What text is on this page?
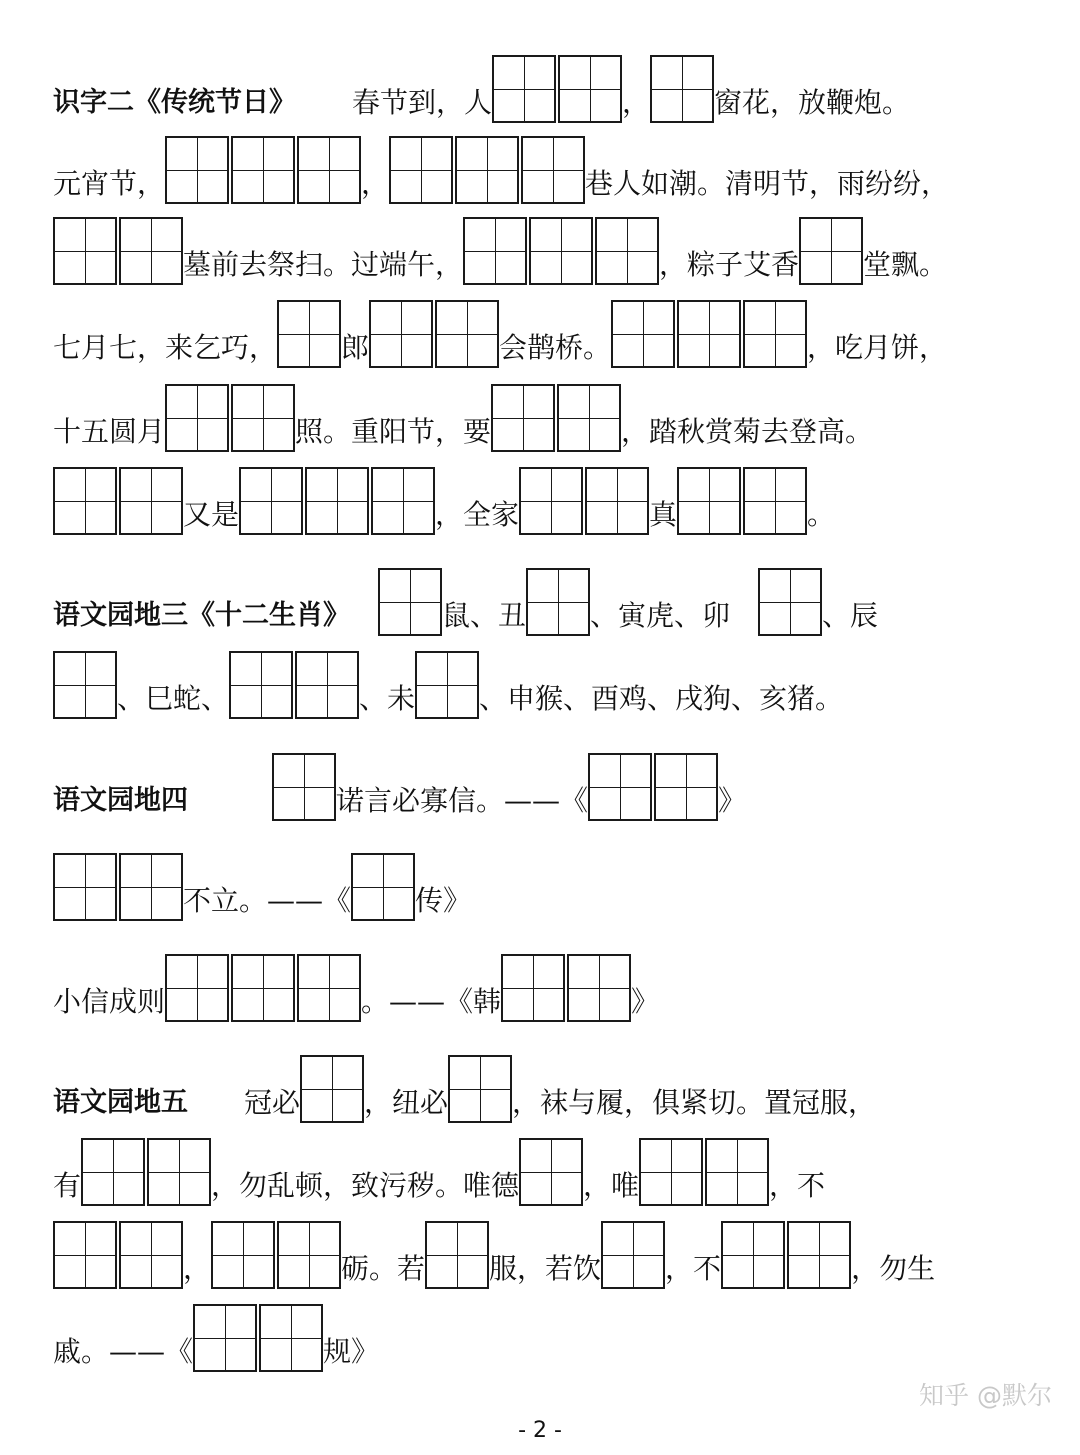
识字二《传统节日》 　　春节到，人	， 窗花，放鞭炮。
元宵节，	，	巷人如潮。清明节，雨纷纷，
墓前去祭扫。过端午，	，粽子艾香 堂飘。
七月七，来乞巧， 郎	会鹊桥。	，吃月饼，
十五圆月	照。重阳节，要	，踏秋赏菊去登高。
又是	，全家	真	。
语文园地三《十二生肖》
　	鼠、丑 、寅虎、卯　 、辰
、巳蛇、	、未 、申猴、酉鸡、戌狗、亥猪。
语文园地四
　　　	诺言必寡信。——《	》
不立。——《 传》
小信成则	。——《韩	》
语文园地五 　　冠必 ，纽必 ，袜与履，俱紧切。置冠服，
有	，勿乱顿，致污秽。唯德 ，唯	，不
，	砺。若 服，若饮 ，不	，勿生
戚。——《	规》
知乎 @默尔
- 2 -
